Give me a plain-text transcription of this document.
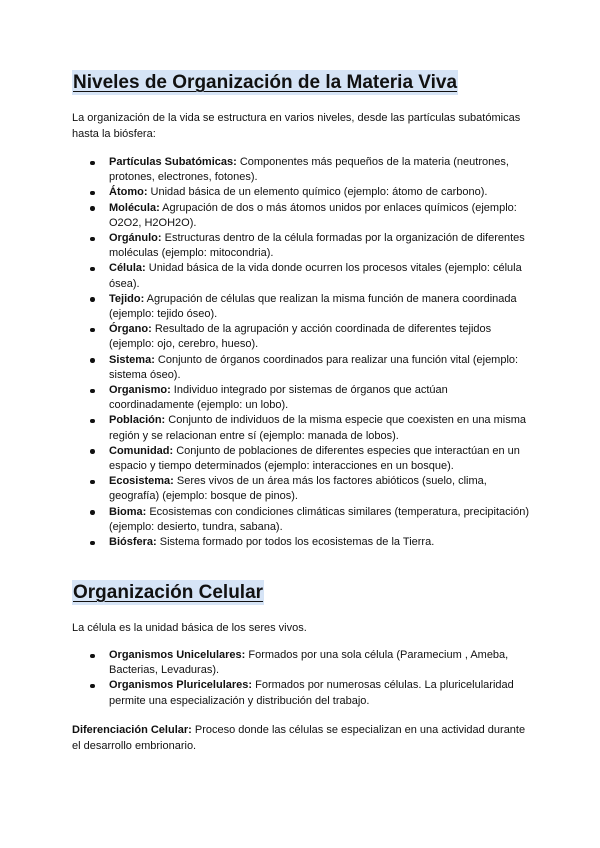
Niveles de Organización de la Materia Viva

La organización de la vida se estructura en varios niveles, desde las partículas subatómicas hasta la biósfera:

Partículas Subatómicas: Componentes más pequeños de la materia (neutrones, protones, electrones, fotones).
Átomo: Unidad básica de un elemento químico (ejemplo: átomo de carbono).
Molécula: Agrupación de dos o más átomos unidos por enlaces químicos (ejemplo: O2O2, H2OH2O).
Orgánulo: Estructuras dentro de la célula formadas por la organización de diferentes moléculas (ejemplo: mitocondria).
Célula: Unidad básica de la vida donde ocurren los procesos vitales (ejemplo: célula ósea).
Tejido: Agrupación de células que realizan la misma función de manera coordinada (ejemplo: tejido óseo).
Órgano: Resultado de la agrupación y acción coordinada de diferentes tejidos (ejemplo: ojo, cerebro, hueso).
Sistema: Conjunto de órganos coordinados para realizar una función vital (ejemplo: sistema óseo).
Organismo: Individuo integrado por sistemas de órganos que actúan coordinadamente (ejemplo: un lobo).
Población: Conjunto de individuos de la misma especie que coexisten en una misma región y se relacionan entre sí (ejemplo: manada de lobos).
Comunidad: Conjunto de poblaciones de diferentes especies que interactúan en un espacio y tiempo determinados (ejemplo: interacciones en un bosque).
Ecosistema: Seres vivos de un área más los factores abióticos (suelo, clima, geografía) (ejemplo: bosque de pinos).
Bioma: Ecosistemas con condiciones climáticas similares (temperatura, precipitación) (ejemplo: desierto, tundra, sabana).
Biósfera: Sistema formado por todos los ecosistemas de la Tierra.
Organización Celular

La célula es la unidad básica de los seres vivos.

Organismos Unicelulares: Formados por una sola célula (Paramecium , Ameba, Bacterias, Levaduras).
Organismos Pluricelulares: Formados por numerosas células. La pluricelularidad permite una especialización y distribución del trabajo.

Diferenciación Celular: Proceso donde las células se especializan en una actividad durante el desarrollo embrionario.
